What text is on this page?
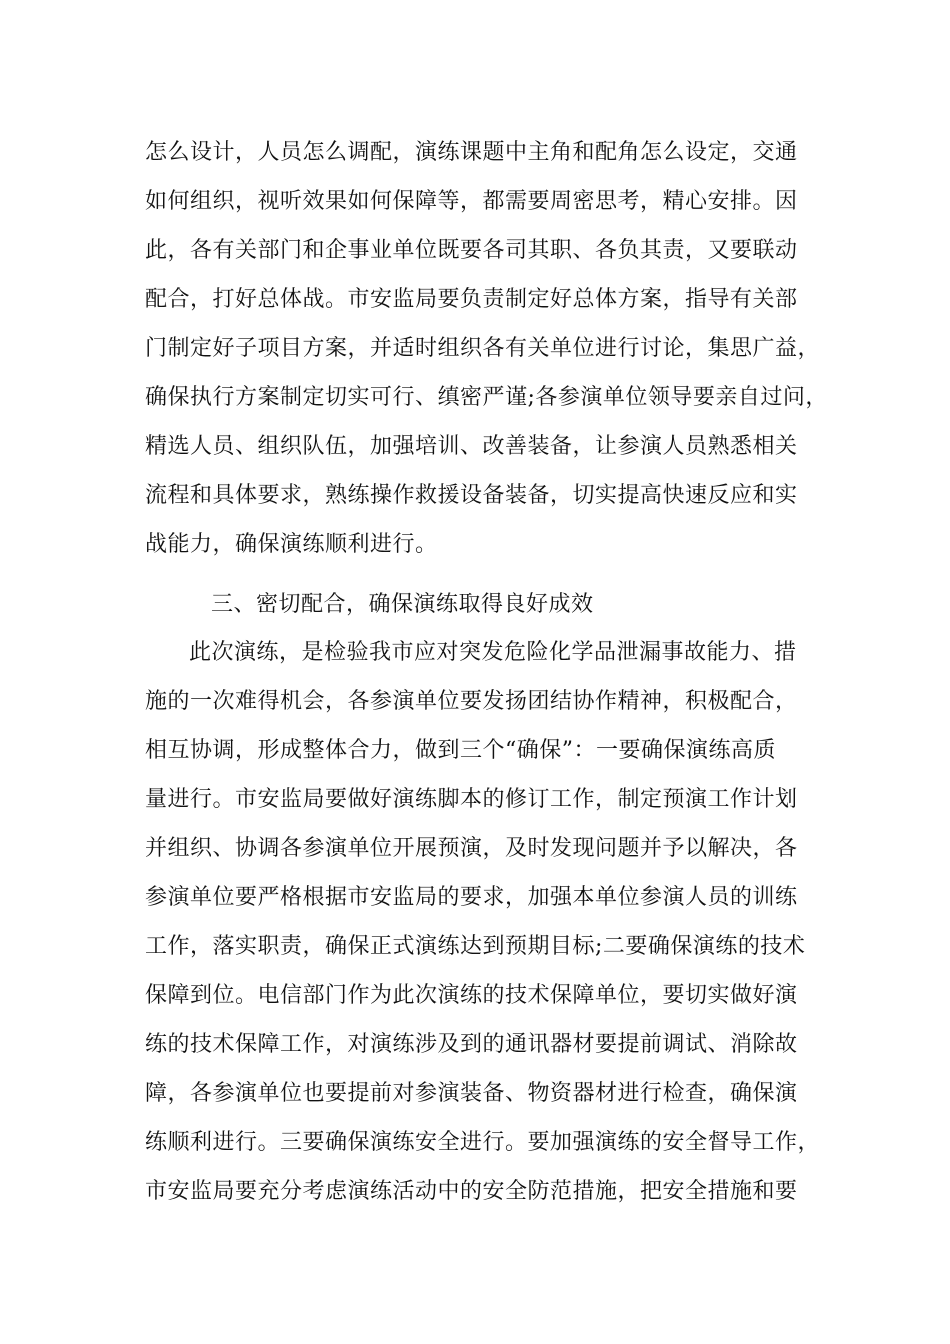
怎么设计，人员怎么调配，演练课题中主角和配角怎么设定，交通
如何组织，视听效果如何保障等，都需要周密思考，精心安排。因
此，各有关部门和企事业单位既要各司其职、各负其责，又要联动
配合，打好总体战。市安监局要负责制定好总体方案，指导有关部
门制定好子项目方案，并适时组织各有关单位进行讨论，集思广益，
确保执行方案制定切实可行、缜密严谨;各参演单位领导要亲自过问，
精选人员、组织队伍，加强培训、改善装备，让参演人员熟悉相关
流程和具体要求，熟练操作救援设备装备，切实提高快速反应和实
战能力，确保演练顺利进行。
三、密切配合，确保演练取得良好成效
此次演练，是检验我市应对突发危险化学品泄漏事故能力、措
施的一次难得机会，各参演单位要发扬团结协作精神，积极配合，
相互协调，形成整体合力，做到三个“确保”：一要确保演练高质
量进行。市安监局要做好演练脚本的修订工作，制定预演工作计划
并组织、协调各参演单位开展预演，及时发现问题并予以解决，各
参演单位要严格根据市安监局的要求，加强本单位参演人员的训练
工作，落实职责，确保正式演练达到预期目标;二要确保演练的技术
保障到位。电信部门作为此次演练的技术保障单位，要切实做好演
练的技术保障工作，对演练涉及到的通讯器材要提前调试、消除故
障，各参演单位也要提前对参演装备、物资器材进行检查，确保演
练顺利进行。三要确保演练安全进行。要加强演练的安全督导工作，
市安监局要充分考虑演练活动中的安全防范措施，把安全措施和要
